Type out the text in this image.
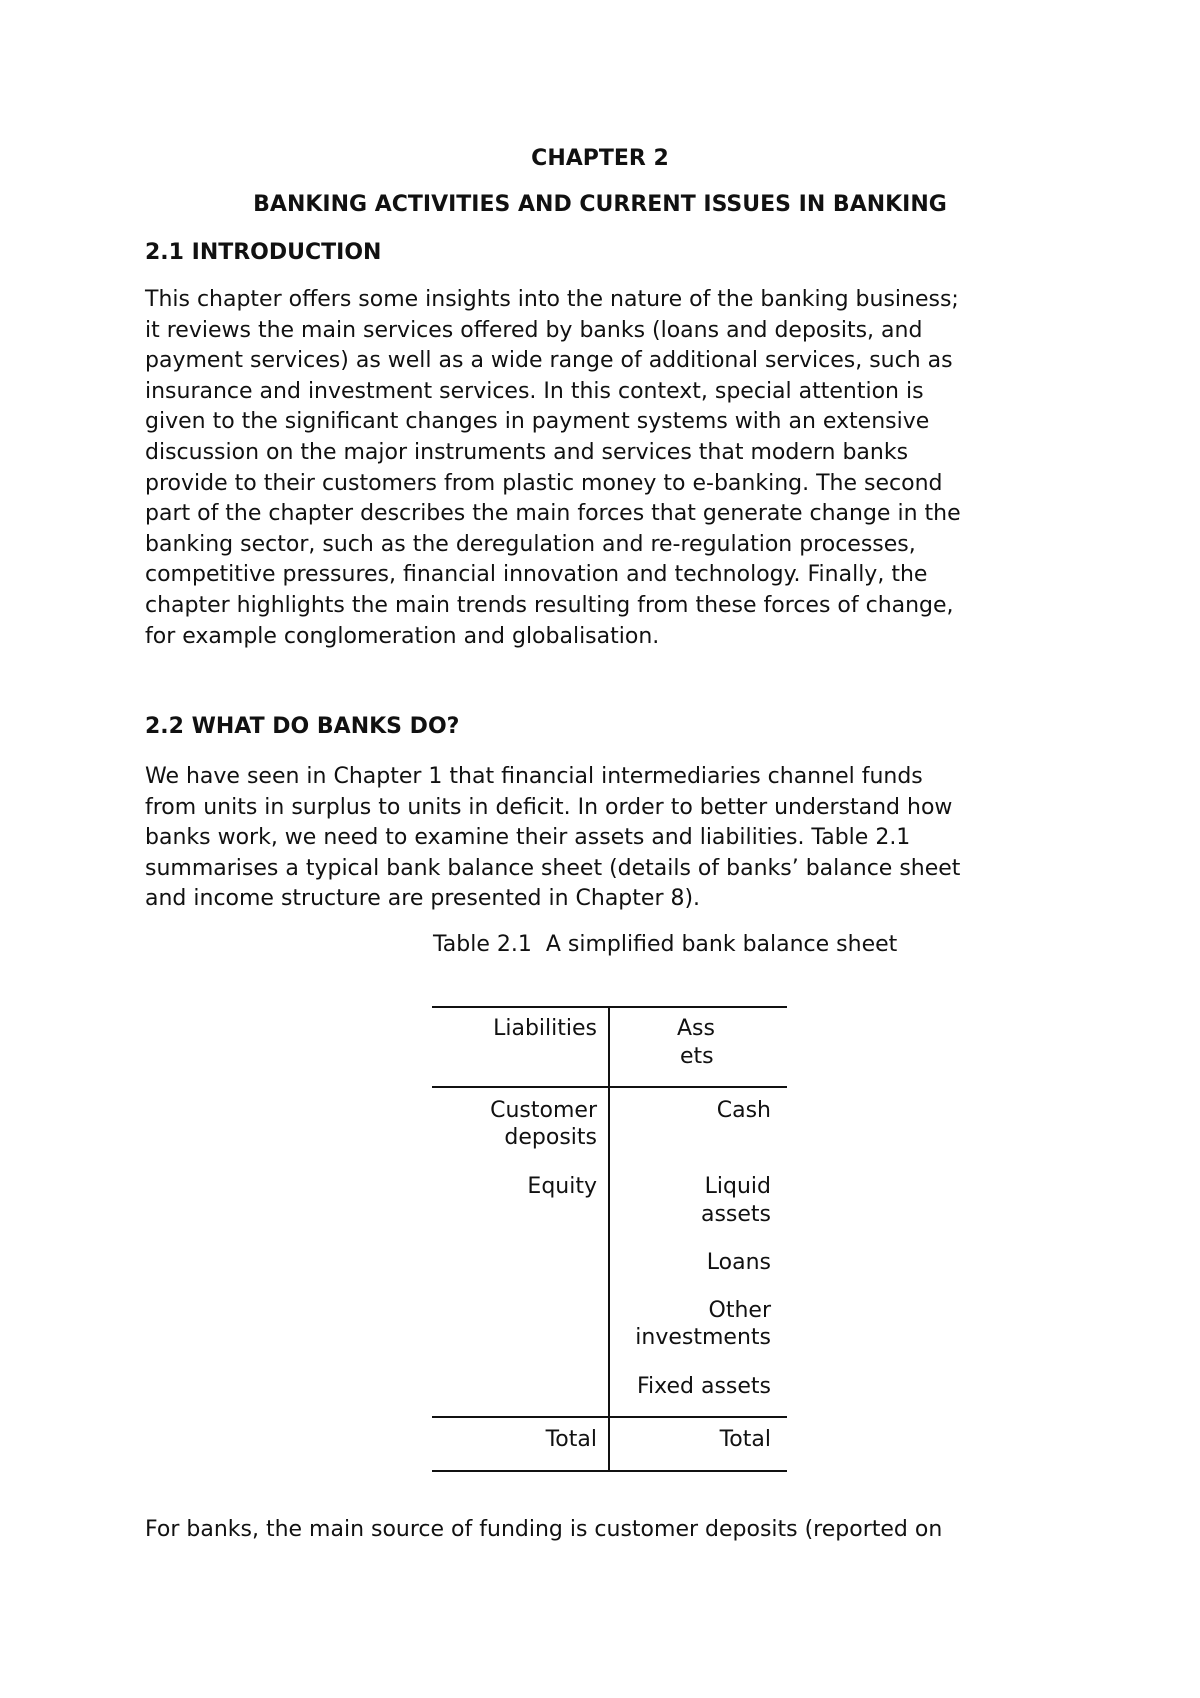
CHAPTER 2
BANKING ACTIVITIES AND CURRENT ISSUES IN BANKING
2.1 INTRODUCTION
This chapter offers some insights into the nature of the banking business;
it reviews the main services offered by banks (loans and deposits, and
payment services) as well as a wide range of additional services, such as
insurance and investment services. In this context, special attention is
given to the significant changes in payment systems with an extensive
discussion on the major instruments and services that modern banks
provide to their customers from plastic money to e-banking. The second
part of the chapter describes the main forces that generate change in the
banking sector, such as the deregulation and re-regulation processes,
competitive pressures, financial innovation and technology. Finally, the
chapter highlights the main trends resulting from these forces of change,
for example conglomeration and globalisation.
2.2 WHAT DO BANKS DO?
We have seen in Chapter 1 that financial intermediaries channel funds
from units in surplus to units in deficit. In order to better understand how
banks work, we need to examine their assets and liabilities. Table 2.1
summarises a typical bank balance sheet (details of banks’ balance sheet
and income structure are presented in Chapter 8).
Table 2.1  A simplified bank balance sheet
Liabilities	Ass
ets
Customer
deposits
Equity
Cash
Liquid
assets
Loans
Other
investments
Fixed assets
Total	Total
For banks, the main source of funding is customer deposits (reported on
